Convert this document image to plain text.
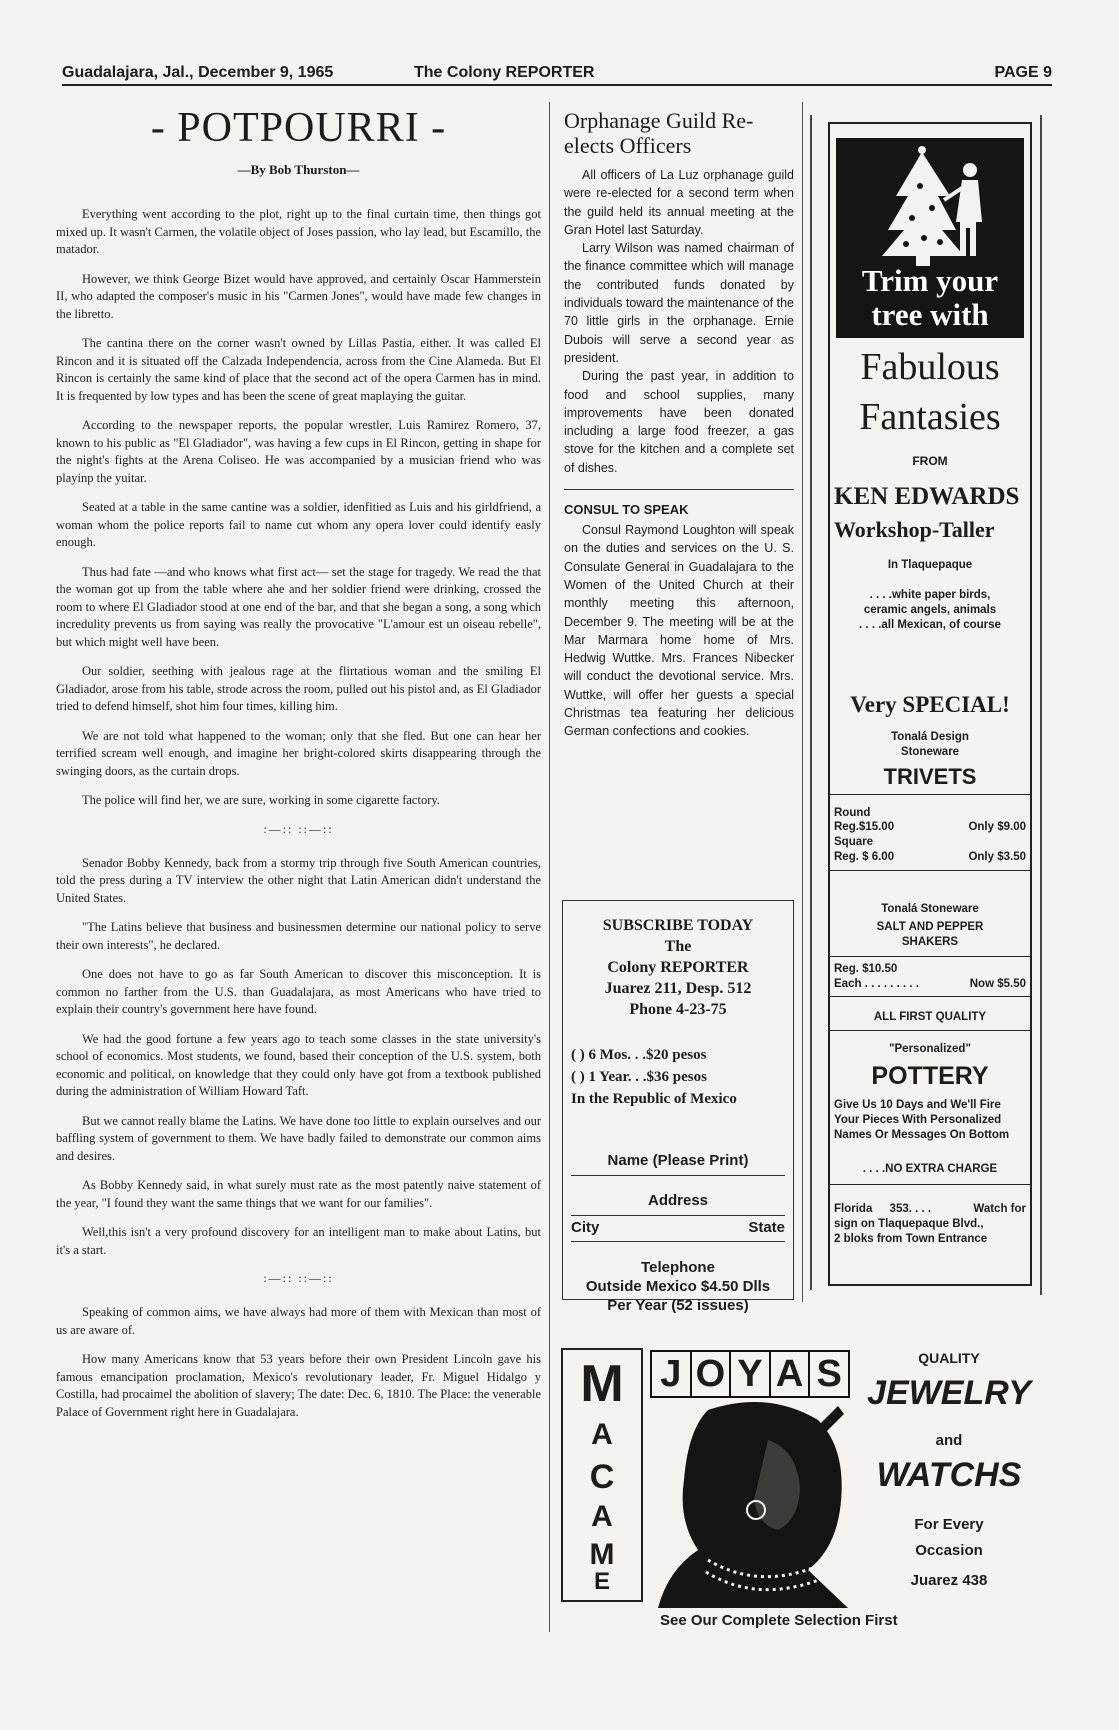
Guadalajara, Jal., December 9, 1965	The Colony REPORTER	PAGE 9
- POTPOURRI -
—By Bob Thurston—

Everything went according to the plot, right up to the final curtain time, then things got mixed up. It wasn't Carmen, the volatile object of Joses passion, who lay lead, but Escamillo, the matador.

However, we think George Bizet would have approved, and certainly Oscar Hammerstein II, who adapted the composer's music in his "Carmen Jones", would have made few changes in the libretto.

The cantina there on the corner wasn't owned by Lillas Pastia, either. It was called El Rincon and it is situated off the Calzada Independencia, across from the Cine Alameda. But El Rincon is certainly the same kind of place that the second act of the opera Carmen has in mind. It is frequented by low types and has been the scene of great maplaying the guitar.

According to the newspaper reports, the popular wrestler, Luis Ramirez Romero, 37, known to his public as "El Gladiador", was having a few cups in El Rincon, getting in shape for the night's fights at the Arena Coliseo. He was accompanied by a musician friend who was playinp the yuitar.

Seated at a table in the same cantine was a soldier, idenfitied as Luis and his girldfriend, a woman whom the police reports fail to name cut whom any opera lover could identify easly enough.

Thus had fate —and who knows what first act— set the stage for tragedy. We read the that the woman got up from the table where ahe and her soldier friend were drinking, crossed the room to where El Gladiador stood at one end of the bar, and that she began a song, a song which incredulity prevents us from saying was really the provocative "L'amour est un oiseau rebelle", but which might well have been.

Our soldier, seething with jealous rage at the flirtatious woman and the smiling El Gladiador, arose from his table, strode across the room, pulled out his pistol and, as El Gladiador tried to defend himself, shot him four times, killing him.

We are not told what happened to the woman; only that she fled. But one can hear her terrified scream well enough, and imagine her bright-colored skirts disappearing through the swinging doors, as the curtain drops.

The police will find her, we are sure, working in some cigarette factory.

:—:: ::—::

Senador Bobby Kennedy, back from a stormy trip through five South American countries, told the press during a TV interview the other night that Latin American didn't understand the United States.

"The Latins believe that business and businessmen determine our national policy to serve their own interests", he declared.

One does not have to go as far South American to discover this misconception. It is common no farther from the U.S. than Guadalajara, as most Americans who have tried to explain their country's government here have found.

We had the good fortune a few years ago to teach some classes in the state university's school of economics. Most students, we found, based their conception of the U.S. system, both economic and political, on knowledge that they could only have got from a textbook published during the administration of William Howard Taft.

But we cannot really blame the Latins. We have done too little to explain ourselves and our baffling system of government to them. We have badly failed to demonstrate our common aims and desires.

As Bobby Kennedy said, in what surely must rate as the most patently naive statement of the year, "I found they want the same things that we want for our families".

Well,this isn't a very profound discovery for an intelligent man to make about Latins, but it's a start.

:—:: ::—::

Speaking of common aims, we have always had more of them with Mexican than most of us are aware of.

How many Americans know that 53 years before their own President Lincoln gave his famous emancipation proclamation, Mexico's revolutionary leader, Fr. Miguel Hidalgo y Costilla, had procaimel the abolition of slavery; The date: Dec. 6, 1810. The Place: the venerable Palace of Government right here in Guadalajara.

Orphanage Guild Re-elects Officers
All officers of La Luz orphanage guild were re-elected for a second term when the guild held its annual meeting at the Gran Hotel last Saturday.
Larry Wilson was named chairman of the finance committee which will manage the contributed funds donated by individuals toward the maintenance of the 70 little girls in the orphanage. Ernie Dubois will serve a second year as president.
During the past year, in addition to food and school supplies, many improvements have been donated including a large food freezer, a gas stove for the kitchen and a complete set of dishes.
CONSUL TO SPEAK
Consul Raymond Loughton will speak on the duties and services on the U. S. Consulate General in Guadalajara to the Women of the United Church at their monthly meeting this afternoon, December 9. The meeting will be at the Mar Marmara home home of Mrs. Hedwig Wuttke. Mrs. Frances Nibecker will conduct the devotional service. Mrs. Wuttke, will offer her guests a special Christmas tea featuring her delicious German confections and cookies.
SUBSCRIBE TODAY
The
Colony REPORTER
Juarez 211, Desp. 512
Phone 4-23-75
( ) 6 Mos. . .$20 pesos
( ) 1 Year. . .$36 pesos
In the Republic of Mexico
Name (Please Print)
Address
City	State
Telephone
Outside Mexico $4.50 Dlls
Per Year (52 issues)
Trim your tree with
Fabulous
Fantasies
FROM
KEN EDWARDS
Workshop-Taller
In Tlaquepaque
. . . .white paper birds,
ceramic angels, animals
. . . .all Mexican, of course
Very SPECIAL!
Tonalá Design
Stoneware
TRIVETS
Round
Reg.$15.00	Only $9.00
Square
Reg. $ 6.00	Only $3.50
Tonalá Stoneware
SALT AND PEPPER
SHAKERS
Reg. $10.50
Each . . . . . . . . .	Now $5.50
ALL FIRST QUALITY
"Personalized"
POTTERY
Give Us 10 Days and We'll Fire Your Pieces With Personalized Names Or Messages On Bottom
. . . .NO EXTRA CHARGE
Florida 353. . . .	Watch for
sign on Tlaquepaque Blvd.,
2 bloks from Town Entrance
M
A
C
A
M
E
J O Y A S	QUALITY
JEWELRY
and
WATCHS
For Every
Occasion
Juarez 438
See Our Complete Selection First
